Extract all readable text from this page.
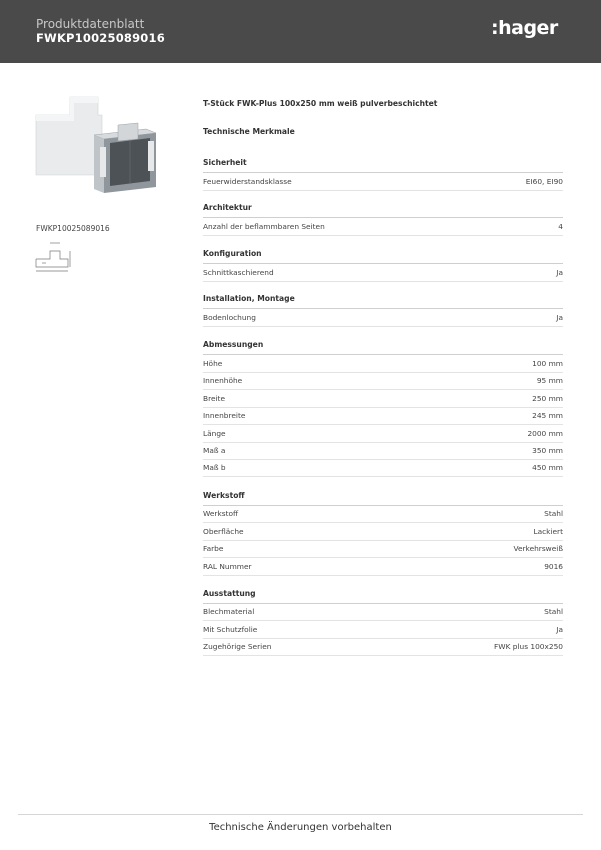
Produktdatenblatt
FWKP10025089016	:hager
FWKP10025089016
T-Stück FWK-Plus 100x250 mm weiß pulverbeschichtet
Technische Merkmale
Sicherheit
Feuerwiderstandsklasse	EI60, EI90
Architektur
Anzahl der beflammbaren Seiten	4
Konfiguration
Schnittkaschierend	Ja
Installation, Montage
Bodenlochung	Ja
Abmessungen
Höhe	100 mm
Innenhöhe	95 mm
Breite	250 mm
Innenbreite	245 mm
Länge	2000 mm
Maß a	350 mm
Maß b	450 mm
Werkstoff
Werkstoff	Stahl
Oberfläche	Lackiert
Farbe	Verkehrsweiß
RAL Nummer	9016
Ausstattung
Blechmaterial	Stahl
Mit Schutzfolie	Ja
Zugehörige Serien	FWK plus 100x250
Technische Änderungen vorbehalten
